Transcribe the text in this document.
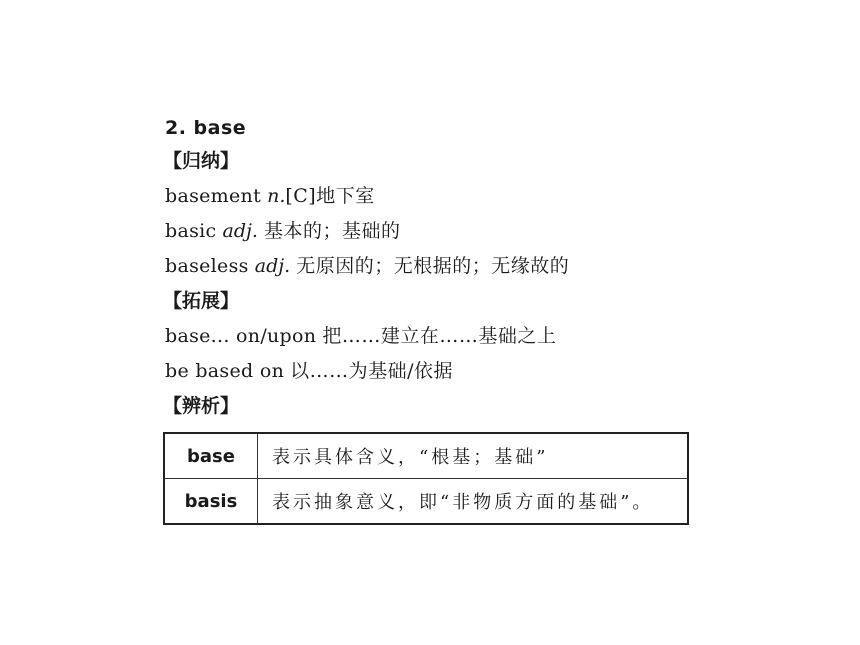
2. base
【归纳】
basement n.[C]地下室
basic adj. 基本的；基础的
baseless adj. 无原因的；无根据的；无缘故的
【拓展】
base... on/upon 把……建立在……基础之上
be based on 以……为基础/依据
【辨析】
base	表示具体含义，“根基；基础”
basis	表示抽象意义，即“非物质方面的基础”。
